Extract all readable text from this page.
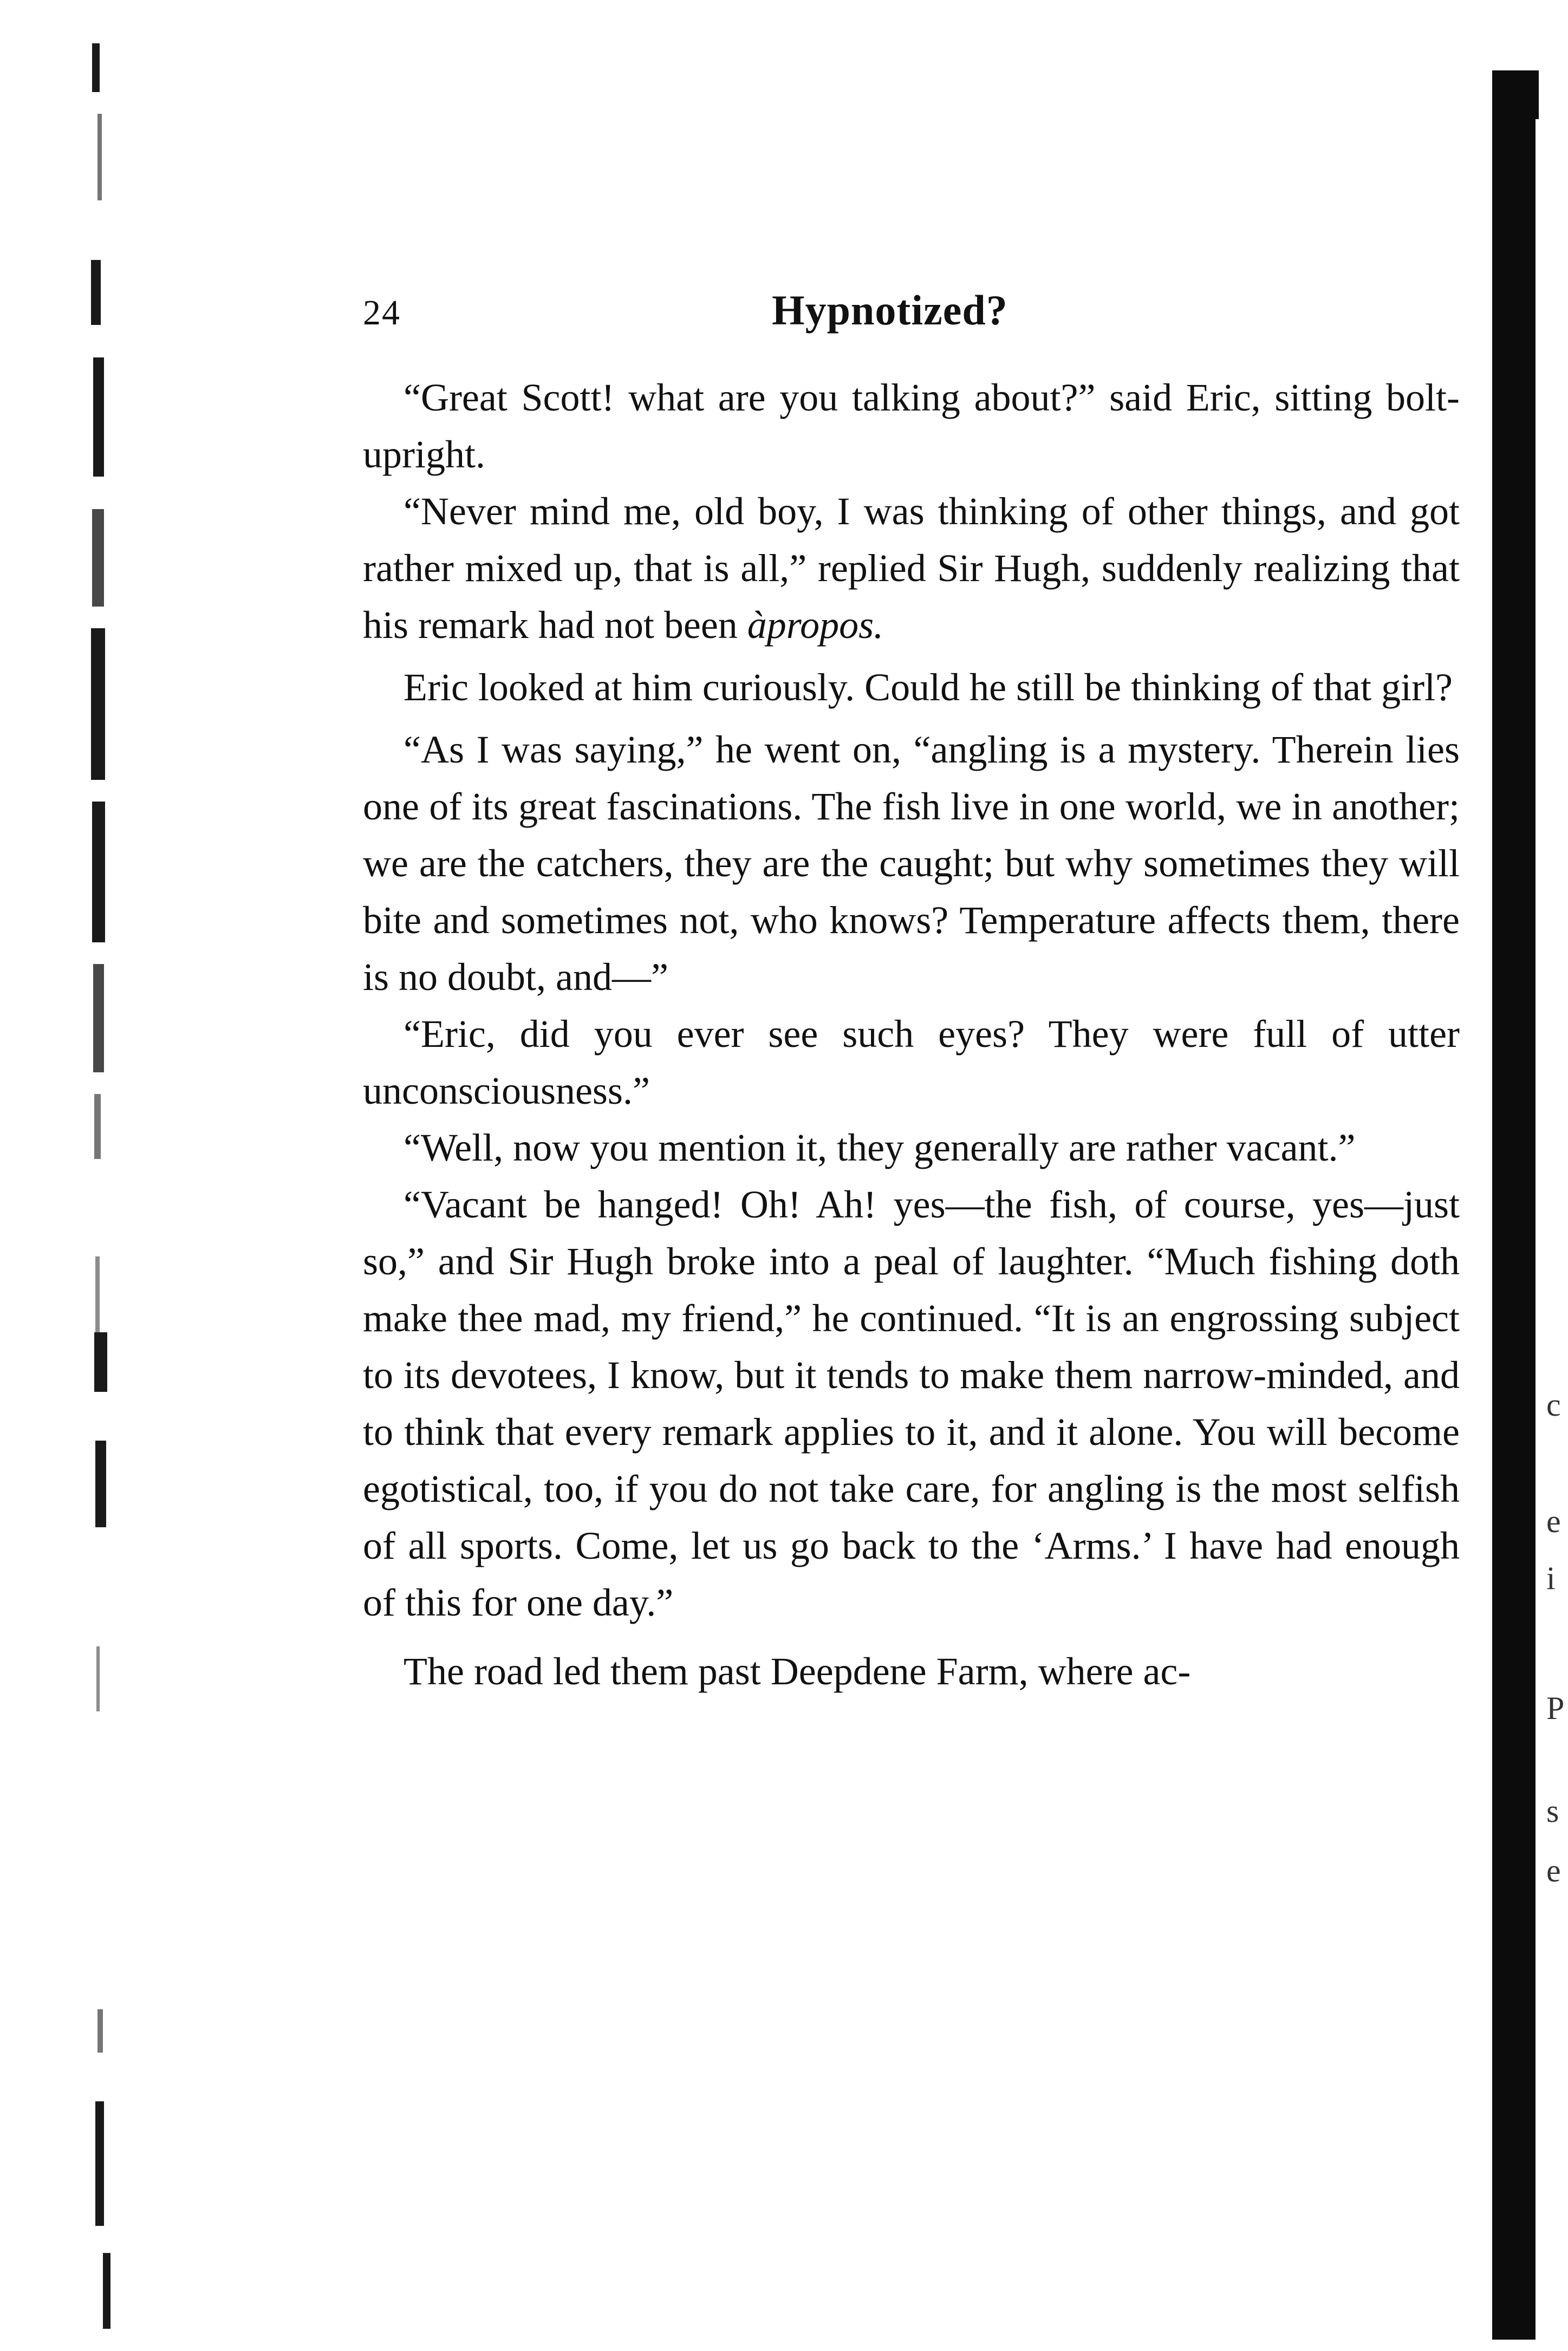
c
e
i
P
s
e
24	Hypnotized?

“Great Scott! what are you talking about?” said Eric, sitting bolt-upright.

“Never mind me, old boy, I was thinking of other things, and got rather mixed up, that is all,” replied Sir Hugh, suddenly realizing that his remark had not been àpropos.

Eric looked at him curiously. Could he still be thinking of that girl?

“As I was saying,” he went on, “angling is a mystery. Therein lies one of its great fascinations. The fish live in one world, we in another; we are the catchers, they are the caught; but why sometimes they will bite and sometimes not, who knows? Temperature affects them, there is no doubt, and—”

“Eric, did you ever see such eyes? They were full of utter unconsciousness.”

“Well, now you mention it, they generally are rather vacant.”

“Vacant be hanged! Oh! Ah! yes—the fish, of course, yes—just so,” and Sir Hugh broke into a peal of laughter. “Much fishing doth make thee mad, my friend,” he continued. “It is an engrossing subject to its devotees, I know, but it tends to make them narrow-minded, and to think that every remark applies to it, and it alone. You will become egotistical, too, if you do not take care, for angling is the most selfish of all sports. Come, let us go back to the ‘Arms.’ I have had enough of this for one day.”

The road led them past Deepdene Farm, where ac-
